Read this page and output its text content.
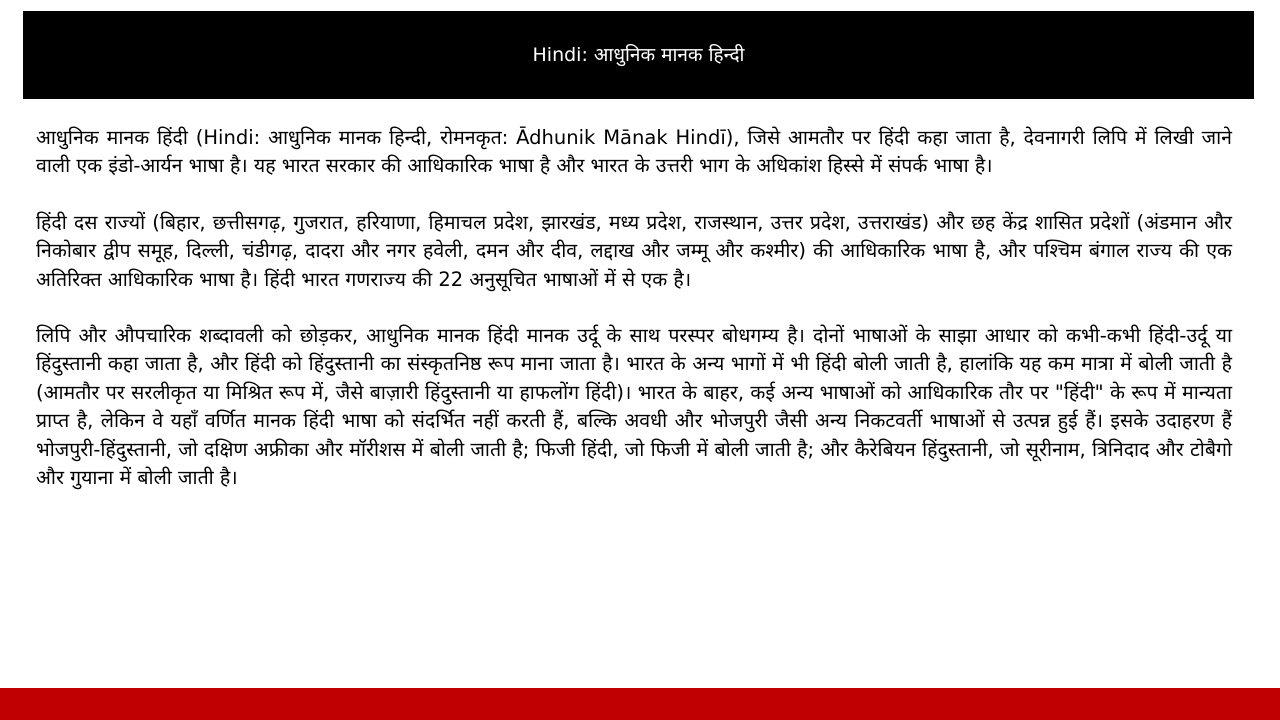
Hindi: आधुनिक मानक हिन्दी

आधुनिक मानक हिंदी (Hindi: आधुनिक मानक हिन्दी, रोमनकृत: Ādhunik Mānak Hindī), जिसे आमतौर पर हिंदी कहा जाता है, देवनागरी लिपि में लिखी जाने वाली एक इंडो-आर्यन भाषा है। यह भारत सरकार की आधिकारिक भाषा है और भारत के उत्तरी भाग के अधिकांश हिस्से में संपर्क भाषा है।

हिंदी दस राज्यों (बिहार, छत्तीसगढ़, गुजरात, हरियाणा, हिमाचल प्रदेश, झारखंड, मध्य प्रदेश, राजस्थान, उत्तर प्रदेश, उत्तराखंड) और छह केंद्र शासित प्रदेशों (अंडमान और निकोबार द्वीप समूह, दिल्ली, चंडीगढ़, दादरा और नगर हवेली, दमन और दीव, लद्दाख और जम्मू और कश्मीर) की आधिकारिक भाषा है, और पश्चिम बंगाल राज्य की एक अतिरिक्त आधिकारिक भाषा है। हिंदी भारत गणराज्य की 22 अनुसूचित भाषाओं में से एक है।

लिपि और औपचारिक शब्दावली को छोड़कर, आधुनिक मानक हिंदी मानक उर्दू के साथ परस्पर बोधगम्य है। दोनों भाषाओं के साझा आधार को कभी-कभी हिंदी-उर्दू या हिंदुस्तानी कहा जाता है, और हिंदी को हिंदुस्तानी का संस्कृतनिष्ठ रूप माना जाता है। भारत के अन्य भागों में भी हिंदी बोली जाती है, हालांकि यह कम मात्रा में बोली जाती है (आमतौर पर सरलीकृत या मिश्रित रूप में, जैसे बाज़ारी हिंदुस्तानी या हाफलोंग हिंदी)। भारत के बाहर, कई अन्य भाषाओं को आधिकारिक तौर पर "हिंदी" के रूप में मान्यता प्राप्त है, लेकिन वे यहाँ वर्णित मानक हिंदी भाषा को संदर्भित नहीं करती हैं, बल्कि अवधी और भोजपुरी जैसी अन्य निकटवर्ती भाषाओं से उत्पन्न हुई हैं। इसके उदाहरण हैं भोजपुरी-हिंदुस्तानी, जो दक्षिण अफ्रीका और मॉरीशस में बोली जाती है; फिजी हिंदी, जो फिजी में बोली जाती है; और कैरेबियन हिंदुस्तानी, जो सूरीनाम, त्रिनिदाद और टोबैगो और गुयाना में बोली जाती है।
